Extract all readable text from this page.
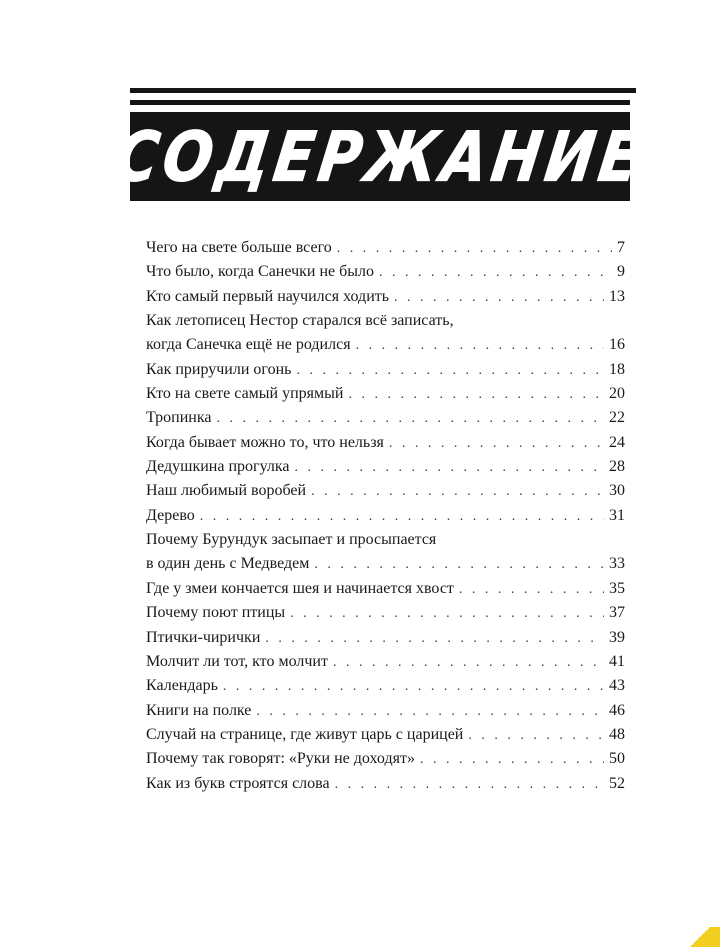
СОДЕРЖАНИЕ
Чего на свете больше всего . . .	7
Что было, когда Санечки не было . . .	9
Кто самый первый научился ходить . . .	13
Как летописец Нестор старался всё записать,
когда Санечка ещё не родился . . .	16
Как приручили огонь . . .	18
Кто на свете самый упрямый . . .	20
Тропинка . . .	22
Когда бывает можно то, что нельзя . . .	24
Дедушкина прогулка . . .	28
Наш любимый воробей . . .	30
Дерево . . .	31
Почему Бурундук засыпает и просыпается
в один день с Медведем . . .	33
Где у змеи кончается шея и начинается хвост . . .	35
Почему поют птицы . . .	37
Птички-чирички . . .	39
Молчит ли тот, кто молчит . . .	41
Календарь . . .	43
Книги на полке . . .	46
Случай на странице, где живут царь с царицей . . .	48
Почему так говорят: «Руки не доходят» . . .	50
Как из букв строятся слова . . .	52
